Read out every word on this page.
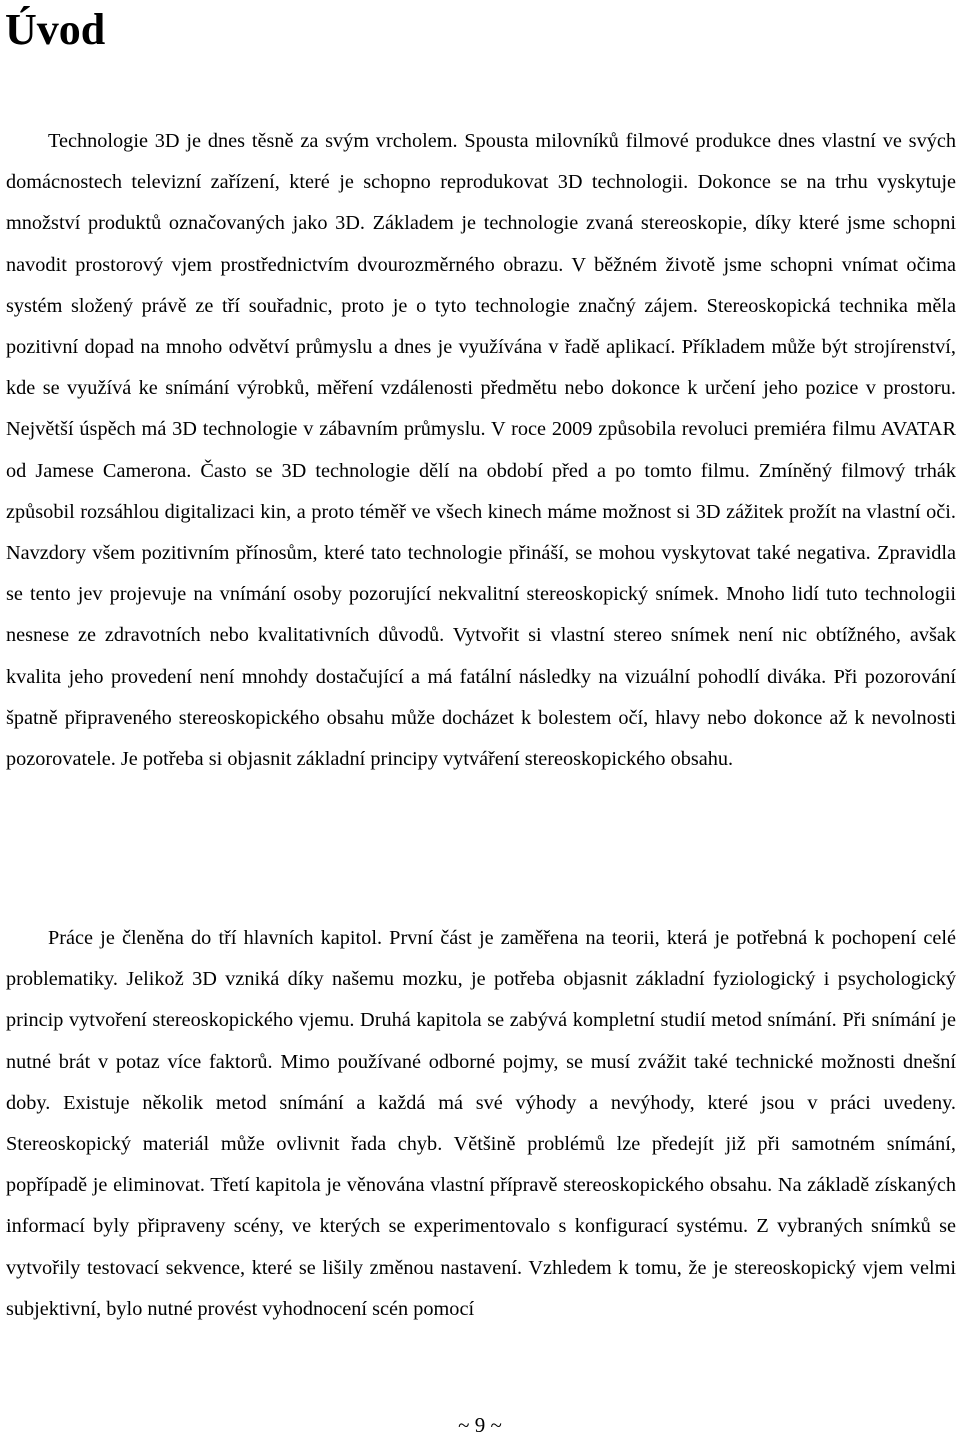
Úvod

Technologie 3D je dnes těsně za svým vrcholem. Spousta milovníků filmové produkce dnes vlastní ve svých domácnostech televizní zařízení, které je schopno reprodukovat 3D technologii. Dokonce se na trhu vyskytuje množství produktů označovaných jako 3D. Základem je technologie zvaná stereoskopie, díky které jsme schopni navodit prostorový vjem prostřednictvím dvourozměrného obrazu. V běžném životě jsme schopni vnímat očima systém složený právě ze tří souřadnic, proto je o tyto technologie značný zájem. Stereoskopická technika měla pozitivní dopad na mnoho odvětví průmyslu a dnes je využívána v řadě aplikací. Příkladem může být strojírenství, kde se využívá ke snímání výrobků, měření vzdálenosti předmětu nebo dokonce k určení jeho pozice v prostoru. Největší úspěch má 3D technologie v zábavním průmyslu. V roce 2009 způsobila revoluci premiéra filmu AVATAR od Jamese Camerona. Často se 3D technologie dělí na období před a po tomto filmu. Zmíněný filmový trhák způsobil rozsáhlou digitalizaci kin, a proto téměř ve všech kinech máme možnost si 3D zážitek prožít na vlastní oči. Navzdory všem pozitivním přínosům, které tato technologie přináší, se mohou vyskytovat také negativa. Zpravidla se tento jev projevuje na vnímání osoby pozorující nekvalitní stereoskopický snímek. Mnoho lidí tuto technologii nesnese ze zdravotních nebo kvalitativních důvodů. Vytvořit si vlastní stereo snímek není nic obtížného, avšak kvalita jeho provedení není mnohdy dostačující a má fatální následky na vizuální pohodlí diváka. Při pozorování špatně připraveného stereoskopického obsahu může docházet k bolestem očí, hlavy nebo dokonce až k nevolnosti pozorovatele. Je potřeba si objasnit základní principy vytváření stereoskopického obsahu.

Práce je členěna do tří hlavních kapitol. První část je zaměřena na teorii, která je potřebná k pochopení celé problematiky. Jelikož 3D vzniká díky našemu mozku, je potřeba objasnit základní fyziologický i psychologický princip vytvoření stereoskopického vjemu. Druhá kapitola se zabývá kompletní studií metod snímání. Při snímání je nutné brát v potaz více faktorů. Mimo používané odborné pojmy, se musí zvážit také technické možnosti dnešní doby. Existuje několik metod snímání a každá má své výhody a nevýhody, které jsou v práci uvedeny. Stereoskopický materiál může ovlivnit řada chyb. Většině problémů lze předejít již při samotném snímání, popřípadě je eliminovat. Třetí kapitola je věnována vlastní přípravě stereoskopického obsahu. Na základě získaných informací byly připraveny scény, ve kterých se experimentovalo s konfigurací systému. Z vybraných snímků se vytvořily testovací sekvence, které se lišily změnou nastavení. Vzhledem k tomu, že je stereoskopický vjem velmi subjektivní, bylo nutné provést vyhodnocení scén pomocí

~ 9 ~
